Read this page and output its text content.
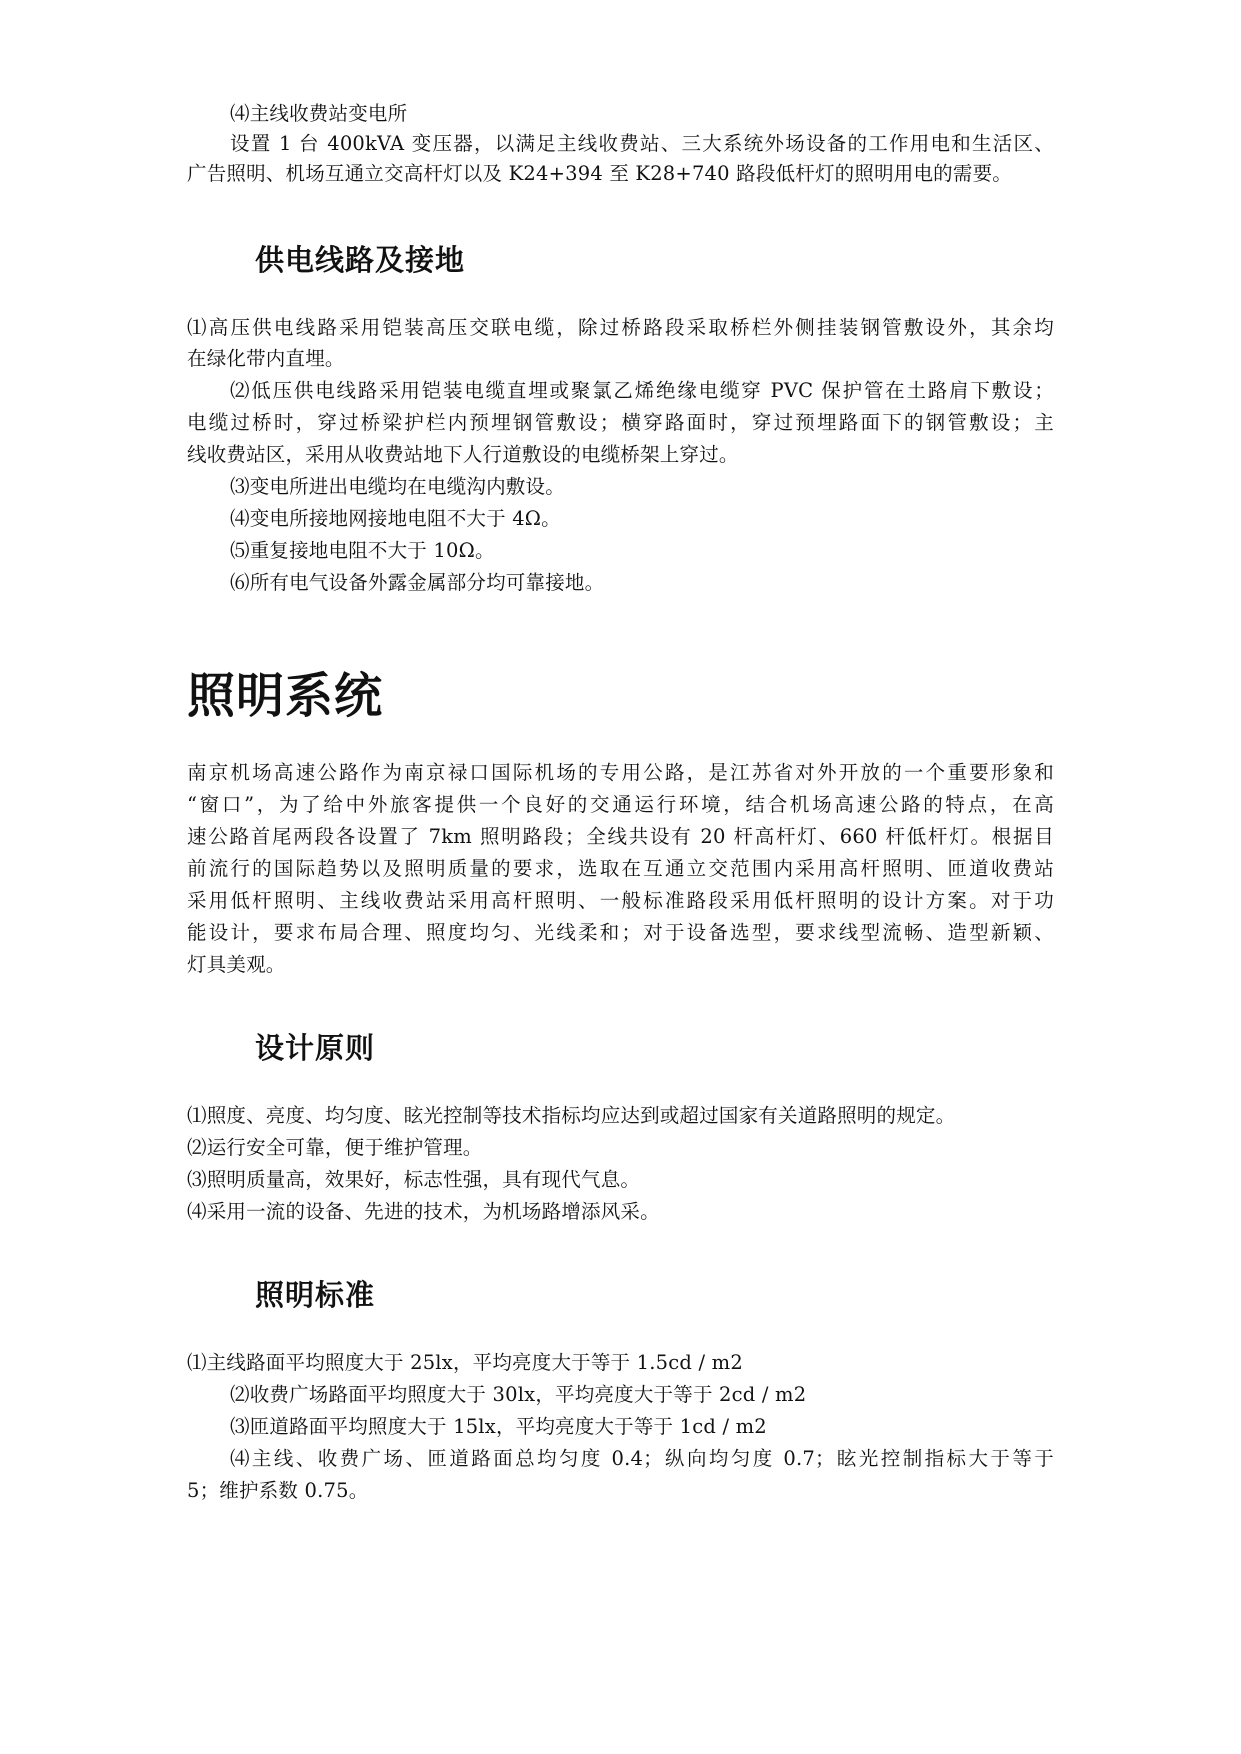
⑷主线收费站变电所
设置 1 台 400kVA 变压器，以满足主线收费站、三大系统外场设备的工作用电和生活区、
广告照明、机场互通立交高杆灯以及 K24+394 至 K28+740 路段低杆灯的照明用电的需要。
供电线路及接地
⑴高压供电线路采用铠装高压交联电缆，除过桥路段采取桥栏外侧挂装钢管敷设外，其余均
在绿化带内直埋。
⑵低压供电线路采用铠装电缆直埋或聚氯乙烯绝缘电缆穿 PVC 保护管在土路肩下敷设；
电缆过桥时，穿过桥梁护栏内预埋钢管敷设；横穿路面时，穿过预埋路面下的钢管敷设；主
线收费站区，采用从收费站地下人行道敷设的电缆桥架上穿过。
⑶变电所进出电缆均在电缆沟内敷设。
⑷变电所接地网接地电阻不大于 4Ω。
⑸重复接地电阻不大于 10Ω。
⑹所有电气设备外露金属部分均可靠接地。
照明系统
南京机场高速公路作为南京禄口国际机场的专用公路，是江苏省对外开放的一个重要形象和
“窗口”，为了给中外旅客提供一个良好的交通运行环境，结合机场高速公路的特点，在高
速公路首尾两段各设置了 7km 照明路段；全线共设有 20 杆高杆灯、660 杆低杆灯。根据目
前流行的国际趋势以及照明质量的要求，选取在互通立交范围内采用高杆照明、匝道收费站
采用低杆照明、主线收费站采用高杆照明、一般标准路段采用低杆照明的设计方案。对于功
能设计，要求布局合理、照度均匀、光线柔和；对于设备选型，要求线型流畅、造型新颖、
灯具美观。
设计原则
⑴照度、亮度、均匀度、眩光控制等技术指标均应达到或超过国家有关道路照明的规定。
⑵运行安全可靠，便于维护管理。
⑶照明质量高，效果好，标志性强，具有现代气息。
⑷采用一流的设备、先进的技术，为机场路增添风采。
照明标准
⑴主线路面平均照度大于 25lx，平均亮度大于等于 1.5cd / m2
⑵收费广场路面平均照度大于 30lx，平均亮度大于等于 2cd / m2
⑶匝道路面平均照度大于 15lx，平均亮度大于等于 1cd / m2
⑷主线、收费广场、匝道路面总均匀度 0.4；纵向均匀度 0.7；眩光控制指标大于等于
5；维护系数 0.75。
